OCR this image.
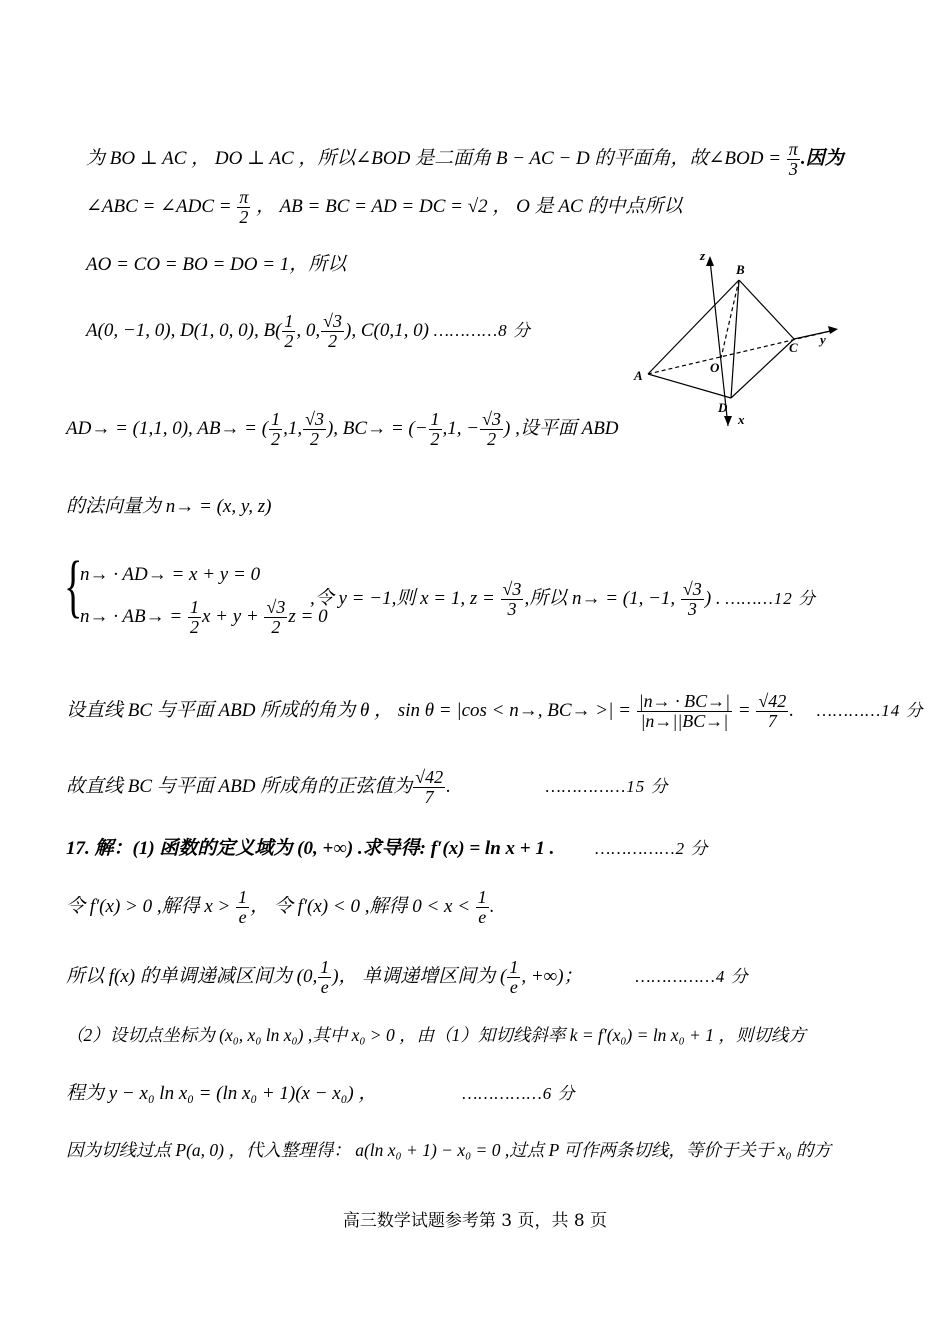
为 BO ⊥ AC ， DO ⊥ AC ，所以∠BOD 是二面角 B − AC − D 的平面角，故∠BOD = $\frac{\pi}{3}$ .因为
∠ABC = ∠ADC = $\frac{\pi}{2}$ ， AB = BC = AD = DC = √2 ， O 是 AC 的中点所以
AO = CO = BO = DO = 1，所以
A(0, −1, 0), D(1, 0, 0), $B( \frac{1}{2}$ , 0, $\frac{√3}{2}$ ), C(0,1, 0) …………8 分
z
B
C
y
A
O
D
x
AD→ = (1,1, 0), AB→ = ( $\frac{1}{2} ,1$, $\frac{√3}{2}$ ), BC→ = (− $\frac{1}{2} ,1$, − $\frac{√3}{2}$ ) ,设平面 ABD
的法向量为 n→ = (x, y, z)
{
n→ · AD→ = x + y = 0
$n\to \cdot AB\to = \frac{1}{2}$ $x + y + \frac{√3}{2}$ z = 0
,令 y = −1,则 x = 1, $z = \frac{√3}{3}$ ,所以 n→ = (1, −1, $\frac{√3}{3}$ ) . ………12 分
设直线 BC 与平面 ABD 所成的角为 θ ， sin θ = |cos < n→, BC→ >| = $\frac{|n\to \cdot BC\to|}{|n\to||BC\to|} = \frac{√42}{7}$ . …………14 分
故直线 BC 与平面 ABD 所成角的正弦值为 $\frac{√42}{7}$ .	……………15 分
17. 解：(1) 函数的定义域为 (0, +∞) .求导得: f′(x) = ln x + 1 . ……………2 分
令 f′(x) > 0 ,解得 $x > \frac{1}{e}$ ， 令 f′(x) < 0 ,解得 $0 < x < \frac{1}{e}$ .
所以 f(x) 的单调递减区间为 (0, $\frac{1}{e}$ )， 单调递增区间为 ( $\frac{1}{e}$ , +∞)；	……………4 分
（2）设切点坐标为 (x₀, x₀ ln x₀) ,其中 x₀ > 0 ，由（1）知切线斜率 k = f′(x₀) = ln x₀ + 1 ，则切线方
程为 y − x₀ ln x₀ = (ln x₀ + 1)(x − x₀) ，	……………6 分
因为切线过点 P(a, 0) ，代入整理得： a(ln x₀ + 1) − x₀ = 0 ,过点 P 可作两条切线，等价于关于 x₀ 的方
高三数学试题参考第 3 页，共 8 页
